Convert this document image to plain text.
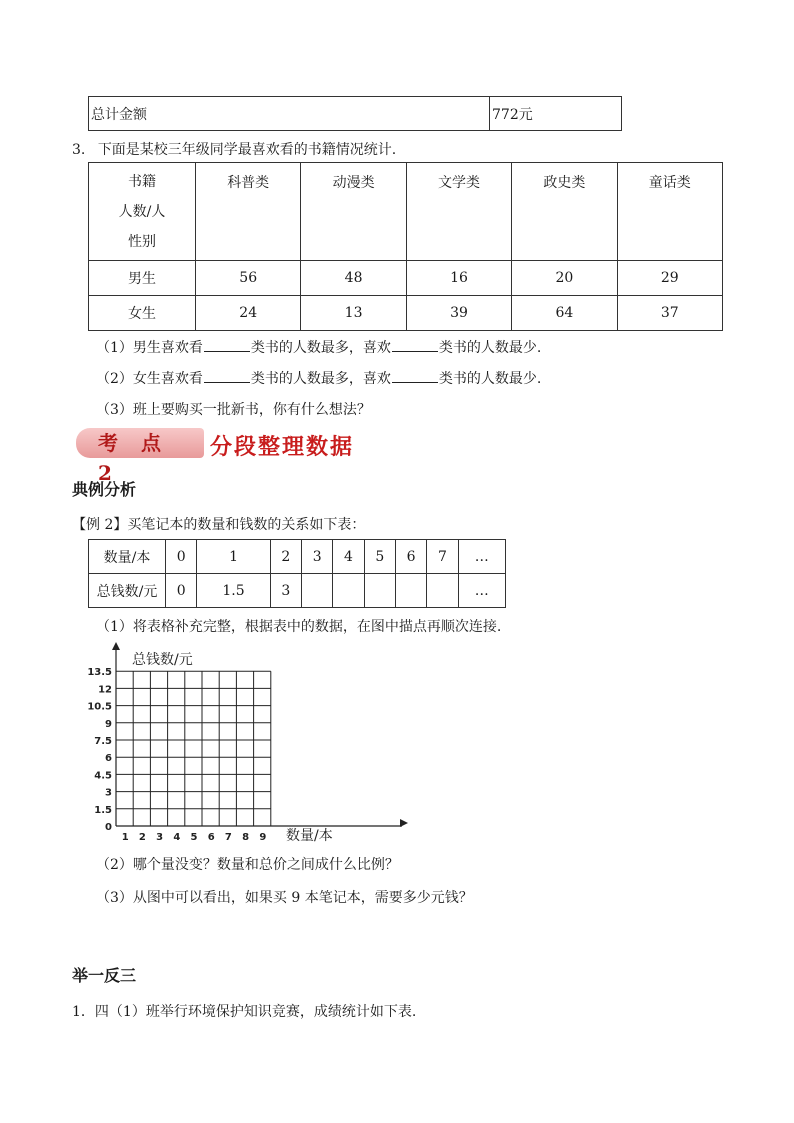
总计金额	772元
3. 下面是某校三年级同学最喜欢看的书籍情况统计.
书籍
人数/人
性别	科普类	动漫类	文学类	政史类	童话类
男生	56	48	16	20	29
女生	24	13	39	64	37
（1）男生喜欢看	类书的人数最多，喜欢	类书的人数最少.
（2）女生喜欢看	类书的人数最多，喜欢	类书的人数最少.
（3）班上要购买一批新书，你有什么想法？
考 点 2
分段整理数据
典例分析
【例 2】买笔记本的数量和钱数的关系如下表：
数量/本	0	1	2	3	4	5	6	7	…
总钱数/元	0	1.5	3						…
（1）将表格补充完整，根据表中的数据，在图中描点再顺次连接.
0
1.5
3
4.5
6
7.5
9
10.5
12
13.5
1 2 3 4 5 6 7 8 9
总钱数/元
数量/本
（2）哪个量没变？数量和总价之间成什么比例？
（3）从图中可以看出，如果买 9 本笔记本，需要多少元钱？
举一反三
1．四（1）班举行环境保护知识竞赛，成绩统计如下表.
